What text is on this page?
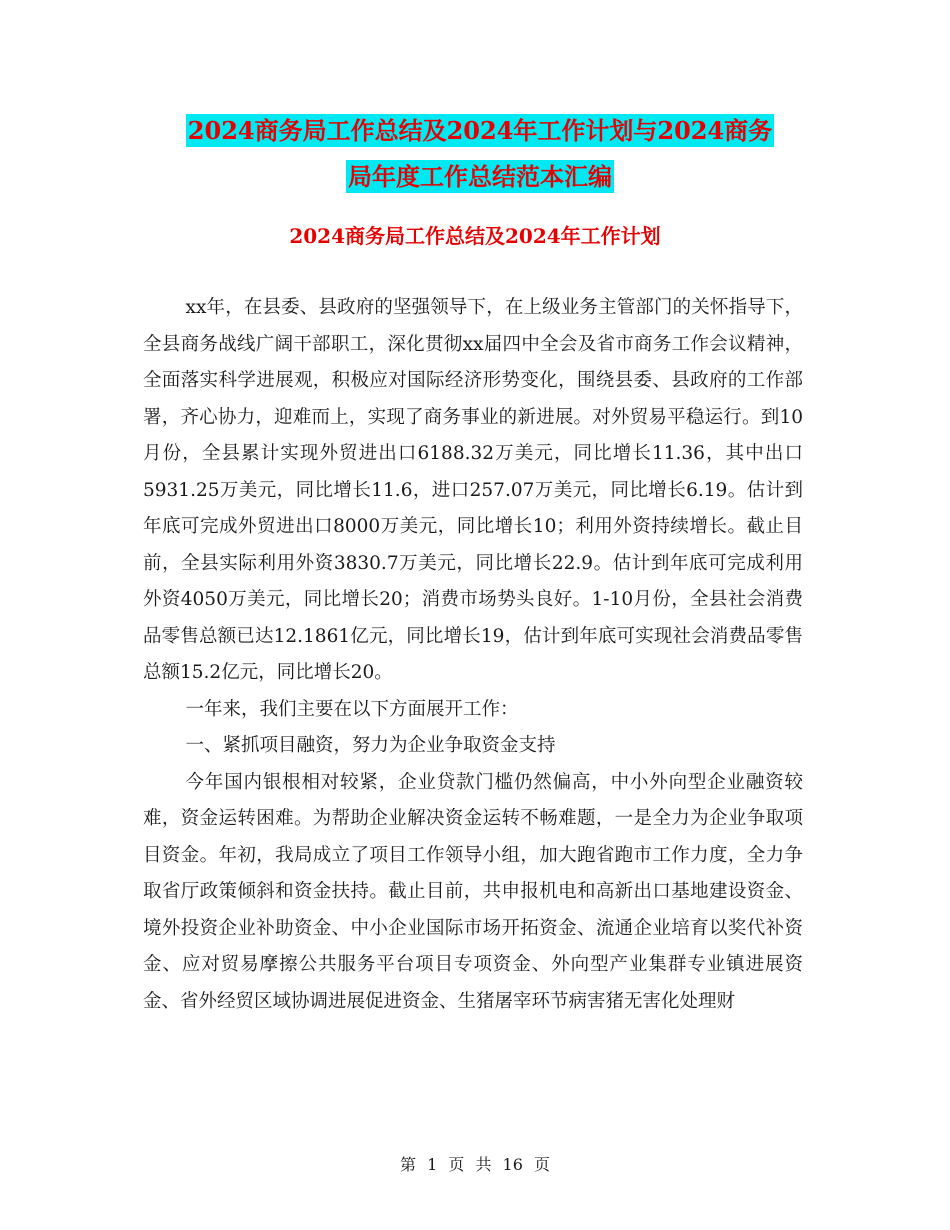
2024商务局工作总结及2024年工作计划与2024商务
局年度工作总结范本汇编
2024商务局工作总结及2024年工作计划

xx年，在县委、县政府的坚强领导下，在上级业务主管部门的关怀指导下，全县商务战线广阔干部职工，深化贯彻xx届四中全会及省市商务工作会议精神，全面落实科学进展观，积极应对国际经济形势变化，围绕县委、县政府的工作部署，齐心协力，迎难而上，实现了商务事业的新进展。对外贸易平稳运行。到10月份，全县累计实现外贸进出口6188.32万美元，同比增长11.36，其中出口5931.25万美元，同比增长11.6，进口257.07万美元，同比增长6.19。估计到年底可完成外贸进出口8000万美元，同比增长10；利用外资持续增长。截止目前，全县实际利用外资3830.7万美元，同比增长22.9。估计到年底可完成利用外资4050万美元，同比增长20；消费市场势头良好。1-10月份，全县社会消费品零售总额已达12.1861亿元，同比增长19，估计到年底可实现社会消费品零售总额15.2亿元，同比增长20。

一年来，我们主要在以下方面展开工作：

一、紧抓项目融资，努力为企业争取资金支持

今年国内银根相对较紧，企业贷款门槛仍然偏高，中小外向型企业融资较难，资金运转困难。为帮助企业解决资金运转不畅难题，一是全力为企业争取项目资金。年初，我局成立了项目工作领导小组，加大跑省跑市工作力度，全力争取省厅政策倾斜和资金扶持。截止目前，共申报机电和高新出口基地建设资金、境外投资企业补助资金、中小企业国际市场开拓资金、流通企业培育以奖代补资金、应对贸易摩擦公共服务平台项目专项资金、外向型产业集群专业镇进展资金、省外经贸区域协调进展促进资金、生猪屠宰环节病害猪无害化处理财

第 1 页 共 16 页
